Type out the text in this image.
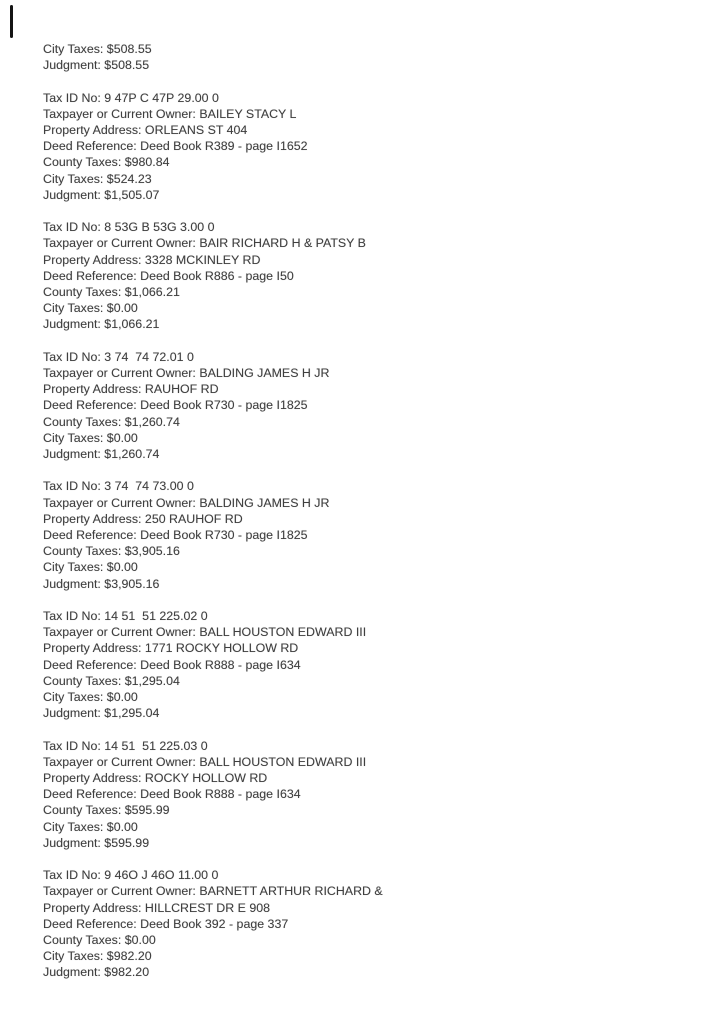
City Taxes: $508.55
Judgment: $508.55
Tax ID No: 9 47P C 47P 29.00 0
Taxpayer or Current Owner: BAILEY STACY L
Property Address: ORLEANS ST 404
Deed Reference: Deed Book R389 - page I1652
County Taxes: $980.84
City Taxes: $524.23
Judgment: $1,505.07
Tax ID No: 8 53G B 53G 3.00 0
Taxpayer or Current Owner: BAIR RICHARD H & PATSY B
Property Address: 3328 MCKINLEY RD
Deed Reference: Deed Book R886 - page I50
County Taxes: $1,066.21
City Taxes: $0.00
Judgment: $1,066.21
Tax ID No: 3 74  74 72.01 0
Taxpayer or Current Owner: BALDING JAMES H JR
Property Address: RAUHOF RD
Deed Reference: Deed Book R730 - page I1825
County Taxes: $1,260.74
City Taxes: $0.00
Judgment: $1,260.74
Tax ID No: 3 74  74 73.00 0
Taxpayer or Current Owner: BALDING JAMES H JR
Property Address: 250 RAUHOF RD
Deed Reference: Deed Book R730 - page I1825
County Taxes: $3,905.16
City Taxes: $0.00
Judgment: $3,905.16
Tax ID No: 14 51  51 225.02 0
Taxpayer or Current Owner: BALL HOUSTON EDWARD III
Property Address: 1771 ROCKY HOLLOW RD
Deed Reference: Deed Book R888 - page I634
County Taxes: $1,295.04
City Taxes: $0.00
Judgment: $1,295.04
Tax ID No: 14 51  51 225.03 0
Taxpayer or Current Owner: BALL HOUSTON EDWARD III
Property Address: ROCKY HOLLOW RD
Deed Reference: Deed Book R888 - page I634
County Taxes: $595.99
City Taxes: $0.00
Judgment: $595.99
Tax ID No: 9 46O J 46O 11.00 0
Taxpayer or Current Owner: BARNETT ARTHUR RICHARD &
Property Address: HILLCREST DR E 908
Deed Reference: Deed Book 392 - page 337
County Taxes: $0.00
City Taxes: $982.20
Judgment: $982.20
